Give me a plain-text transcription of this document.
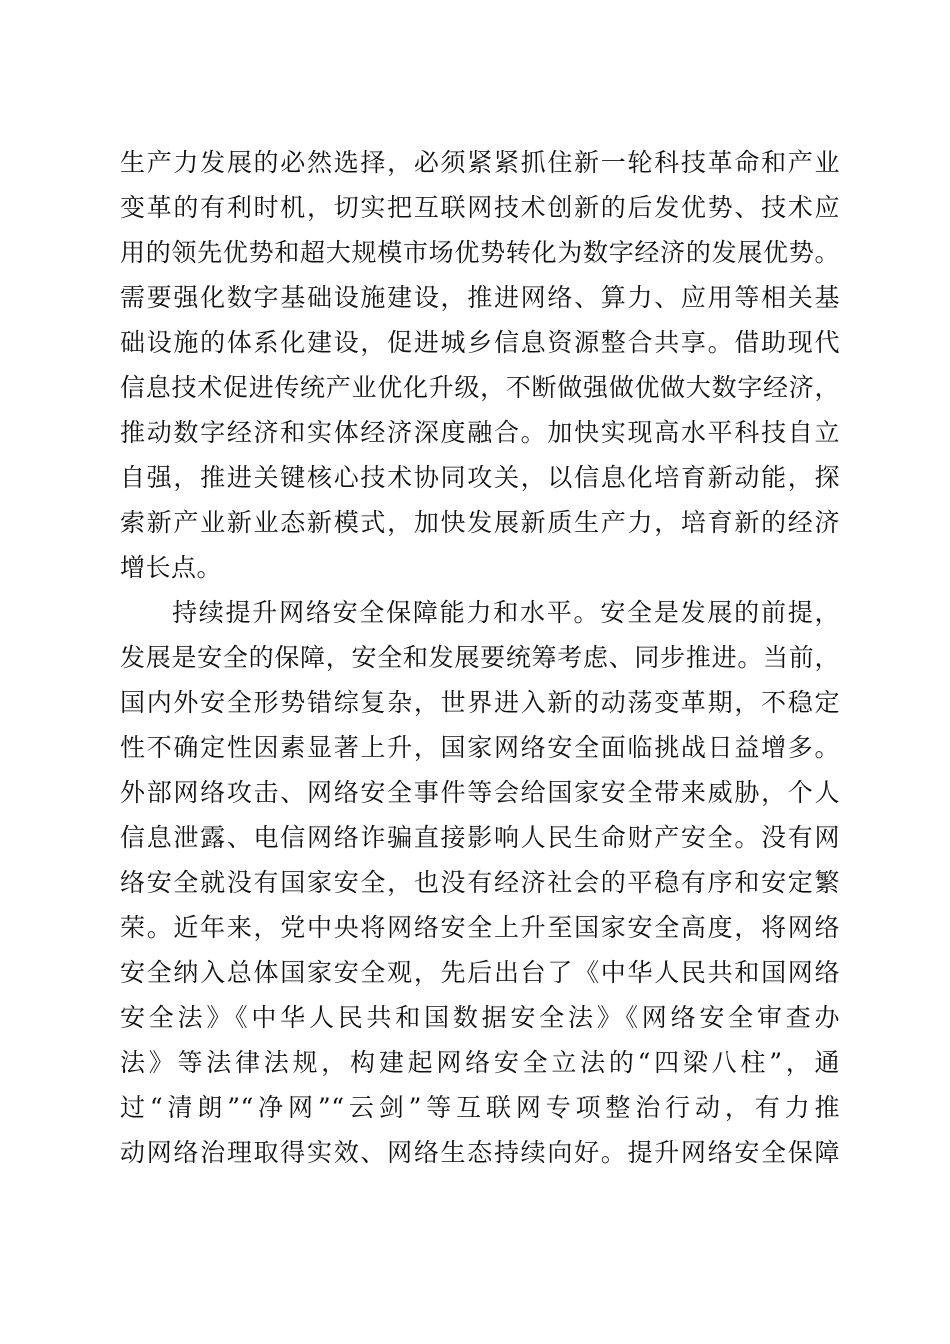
生产力发展的必然选择，必须紧紧抓住新一轮科技革命和产业
变革的有利时机，切实把互联网技术创新的后发优势、技术应
用的领先优势和超大规模市场优势转化为数字经济的发展优势。
需要强化数字基础设施建设，推进网络、算力、应用等相关基
础设施的体系化建设，促进城乡信息资源整合共享。借助现代
信息技术促进传统产业优化升级，不断做强做优做大数字经济，
推动数字经济和实体经济深度融合。加快实现高水平科技自立
自强，推进关键核心技术协同攻关，以信息化培育新动能，探
索新产业新业态新模式，加快发展新质生产力，培育新的经济
增长点。
持续提升网络安全保障能力和水平。安全是发展的前提，
发展是安全的保障，安全和发展要统筹考虑、同步推进。当前，
国内外安全形势错综复杂，世界进入新的动荡变革期，不稳定
性不确定性因素显著上升，国家网络安全面临挑战日益增多。
外部网络攻击、网络安全事件等会给国家安全带来威胁，个人
信息泄露、电信网络诈骗直接影响人民生命财产安全。没有网
络安全就没有国家安全，也没有经济社会的平稳有序和安定繁
荣。近年来，党中央将网络安全上升至国家安全高度，将网络
安全纳入总体国家安全观，先后出台了《中华人民共和国网络
安全法》《中华人民共和国数据安全法》《网络安全审查办
法》等法律法规，构建起网络安全立法的“四梁八柱”，通
过“清朗”“净网”“云剑”等互联网专项整治行动，有力推
动网络治理取得实效、网络生态持续向好。提升网络安全保障
